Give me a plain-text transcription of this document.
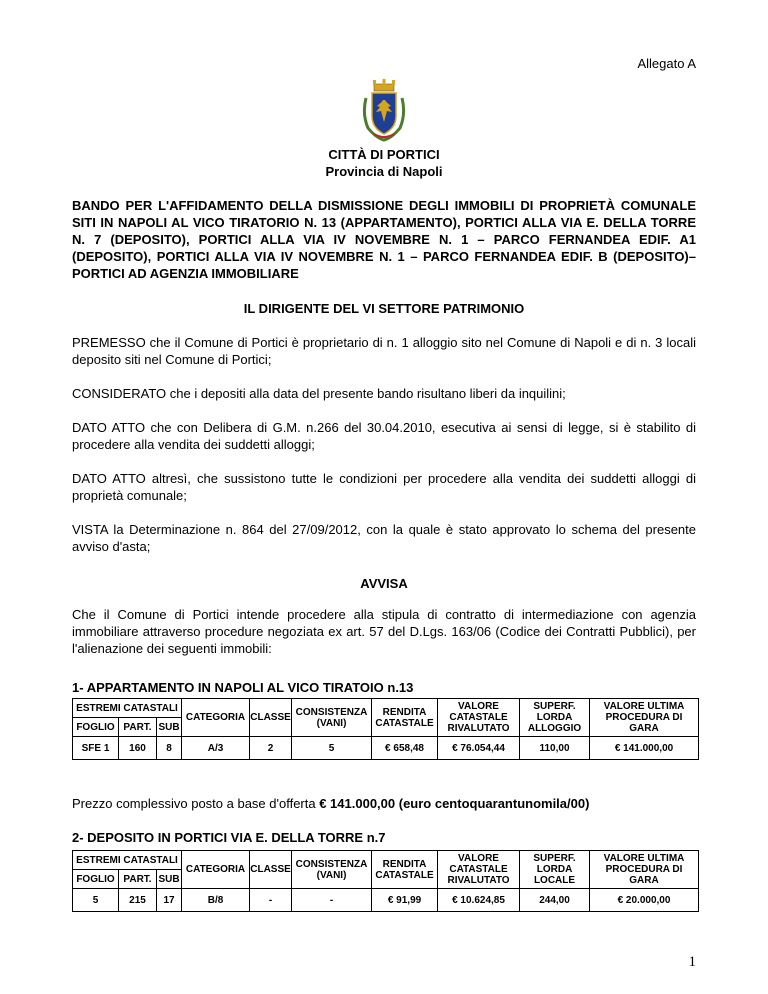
Allegato A
CITTÀ DI PORTICI
Provincia di Napoli
BANDO PER L'AFFIDAMENTO DELLA DISMISSIONE DEGLI IMMOBILI DI PROPRIETÀ COMUNALE SITI IN NAPOLI AL VICO TIRATORIO N. 13 (APPARTAMENTO), PORTICI ALLA VIA E. DELLA TORRE N. 7 (DEPOSITO), PORTICI ALLA VIA IV NOVEMBRE N. 1 – PARCO FERNANDEA EDIF. A1 (DEPOSITO), PORTICI ALLA VIA IV NOVEMBRE N. 1 – PARCO FERNANDEA EDIF. B (DEPOSITO)– PORTICI AD AGENZIA IMMOBILIARE
IL DIRIGENTE DEL VI SETTORE PATRIMONIO
PREMESSO che il Comune di Portici è proprietario di n. 1 alloggio sito nel Comune di Napoli e di n. 3 locali deposito siti nel Comune di Portici;
CONSIDERATO che i depositi alla data del presente bando risultano liberi da inquilini;
DATO ATTO che con Delibera di G.M. n.266 del 30.04.2010, esecutiva ai sensi di legge, si è stabilito di procedere alla vendita dei suddetti alloggi;
DATO ATTO altresì, che sussistono tutte le condizioni per procedere alla vendita dei suddetti alloggi di proprietà comunale;
VISTA la Determinazione n. 864 del 27/09/2012, con la quale è stato approvato lo schema del presente avviso d'asta;
AVVISA
Che il Comune di Portici intende procedere alla stipula di contratto di intermediazione con agenzia immobiliare attraverso procedure negoziata ex art. 57 del D.Lgs. 163/06 (Codice dei Contratti Pubblici), per l'alienazione dei seguenti immobili:
1- APPARTAMENTO IN NAPOLI AL VICO TIRATOIO n.13
ESTREMI CATASTALI			CATEGORIA	CLASSE	CONSISTENZA (VANI)	RENDITA CATASTALE	VALORE CATASTALE RIVALUTATO	SUPERF. LORDA ALLOGGIO	VALORE ULTIMA PROCEDURA DI GARA
FOGLIO	PART.	SUB							
SFE 1	160	8	A/3	2	5	€ 658,48	€ 76.054,44	110,00	€ 141.000,00
Prezzo complessivo posto a base d'offerta € 141.000,00 (euro centoquarantunomila/00)
2- DEPOSITO IN PORTICI VIA E. DELLA TORRE n.7
ESTREMI CATASTALI			CATEGORIA	CLASSE	CONSISTENZA (VANI)	RENDITA CATASTALE	VALORE CATASTALE RIVALUTATO	SUPERF. LORDA LOCALE	VALORE ULTIMA PROCEDURA DI GARA
FOGLIO	PART.	SUB							
5	215	17	B/8	-	-	€ 91,99	€ 10.624,85	244,00	€ 20.000,00
1
